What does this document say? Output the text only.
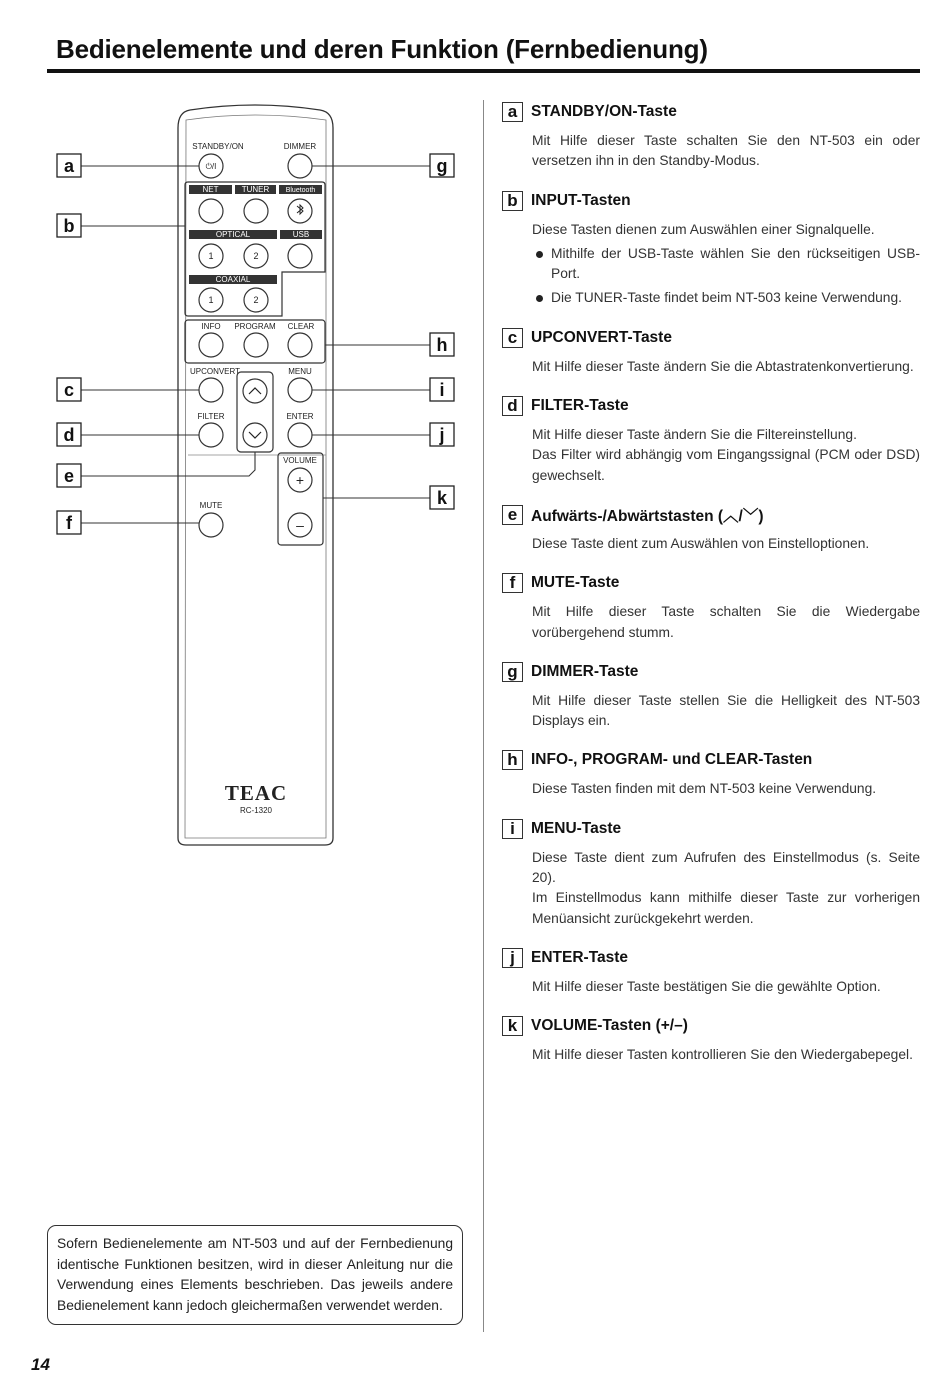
Bedienelemente und deren Funktion (Fernbedienung)
STANDBY/ON
⏻/I
DIMMER
NET	TUNER Bluetooth
OPTICAL	USB
1	2
COAXIAL
1	2
INFO PROGRAM CLEAR
UPCONVERT	MENU
FILTER	ENTER
VOLUME
+
–
MUTE
TEAC
RC-1320
a
b
c
d
e
f
g
h
i
j
k
Sofern Bedienelemente am NT-503 und auf der Fernbedienung identische Funktionen besitzen, wird in dieser Anleitung nur die Verwendung eines Elements beschrieben. Das jeweils andere Bedienelement kann jedoch gleichermaßen verwendet werden.
a STANDBY/ON-Taste

Mit Hilfe dieser Taste schalten Sie den NT-503 ein oder versetzen ihn in den Standby-Modus.

b INPUT-Tasten

Diese Tasten dienen zum Auswählen einer Signalquelle.

Mithilfe der USB-Taste wählen Sie den rückseitigen USB-Port.
Die TUNER-Taste findet beim NT-503 keine Verwendung.
c UPCONVERT-Taste

Mit Hilfe dieser Taste ändern Sie die Abtastratenkonvertierung.

d FILTER-Taste

Mit Hilfe dieser Taste ändern Sie die Filtereinstellung.

Das Filter wird abhängig vom Eingangssignal (PCM oder DSD) gewechselt.

e Aufwärts-/Abwärtstasten (︿/﹀)

Diese Taste dient zum Auswählen von Einstelloptionen.

f	MUTE-Taste

Mit Hilfe dieser Taste schalten Sie die Wiedergabe vorübergehend stumm.

g DIMMER-Taste

Mit Hilfe dieser Taste stellen Sie die Helligkeit des NT-503 Displays ein.

h INFO-, PROGRAM- und CLEAR-Tasten

Diese Tasten finden mit dem NT-503 keine Verwendung.

i	MENU-Taste

Diese Taste dient zum Aufrufen des Einstellmodus (s. Seite 20).

Im Einstellmodus kann mithilfe dieser Taste zur vorherigen Menüansicht zurückgekehrt werden.

j	ENTER-Taste

Mit Hilfe dieser Taste bestätigen Sie die gewählte Option.

k VOLUME-Tasten (+/–)

Mit Hilfe dieser Tasten kontrollieren Sie den Wiedergabepegel.

14
